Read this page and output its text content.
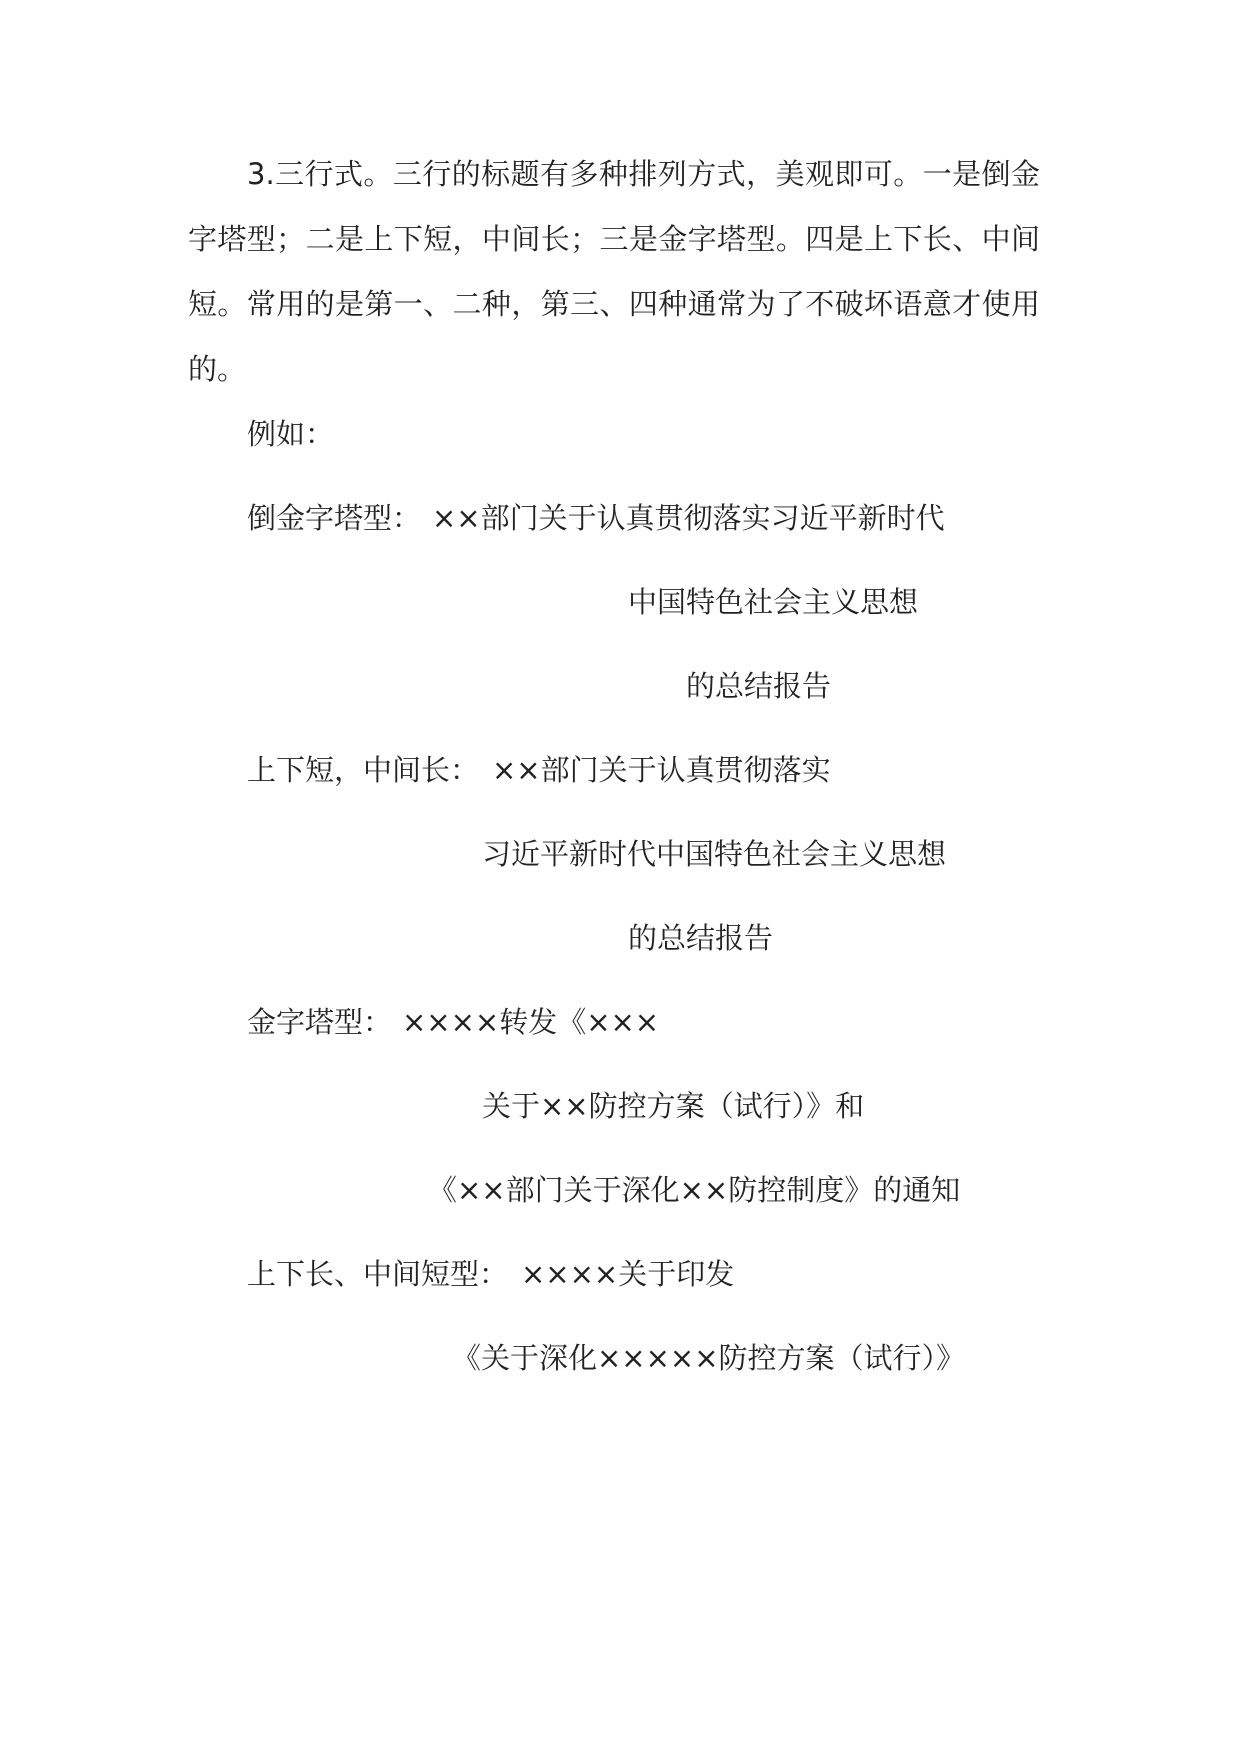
3.三行式。三行的标题有多种排列方式，美观即可。一是倒金字塔型；二是上下短，中间长；三是金字塔型。四是上下长、中间短。常用的是第一、二种，第三、四种通常为了不破坏语意才使用的。

例如：
倒金字塔型： ××部门关于认真贯彻落实习近平新时代
中国特色社会主义思想
的总结报告
上下短，中间长： ××部门关于认真贯彻落实
习近平新时代中国特色社会主义思想
的总结报告
金字塔型： ××××转发《×××
关于××防控方案（试行）》和
《××部门关于深化××防控制度》的通知
上下长、中间短型： ××××关于印发
《关于深化×××××防控方案（试行）》
